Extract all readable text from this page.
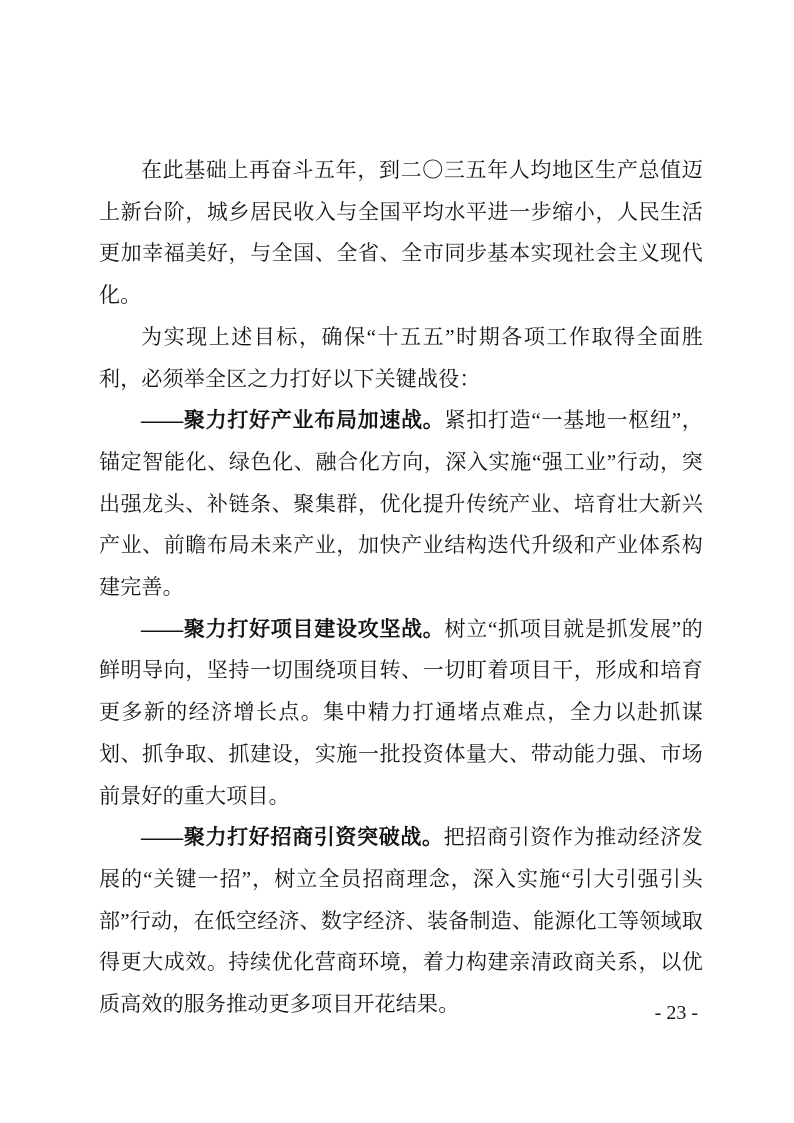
在此基础上再奋斗五年，到二〇三五年人均地区生产总值迈上新台阶，城乡居民收入与全国平均水平进一步缩小，人民生活更加幸福美好，与全国、全省、全市同步基本实现社会主义现代化。

为实现上述目标，确保“十五五”时期各项工作取得全面胜利，必须举全区之力打好以下关键战役：

——聚力打好产业布局加速战。紧扣打造“一基地一枢纽”，锚定智能化、绿色化、融合化方向，深入实施“强工业”行动，突出强龙头、补链条、聚集群，优化提升传统产业、培育壮大新兴产业、前瞻布局未来产业，加快产业结构迭代升级和产业体系构建完善。

——聚力打好项目建设攻坚战。树立“抓项目就是抓发展”的鲜明导向，坚持一切围绕项目转、一切盯着项目干，形成和培育更多新的经济增长点。集中精力打通堵点难点，全力以赴抓谋划、抓争取、抓建设，实施一批投资体量大、带动能力强、市场前景好的重大项目。

——聚力打好招商引资突破战。把招商引资作为推动经济发展的“关键一招”，树立全员招商理念，深入实施“引大引强引头部”行动，在低空经济、数字经济、装备制造、能源化工等领域取得更大成效。持续优化营商环境，着力构建亲清政商关系，以优质高效的服务推动更多项目开花结果。	- 23 -
